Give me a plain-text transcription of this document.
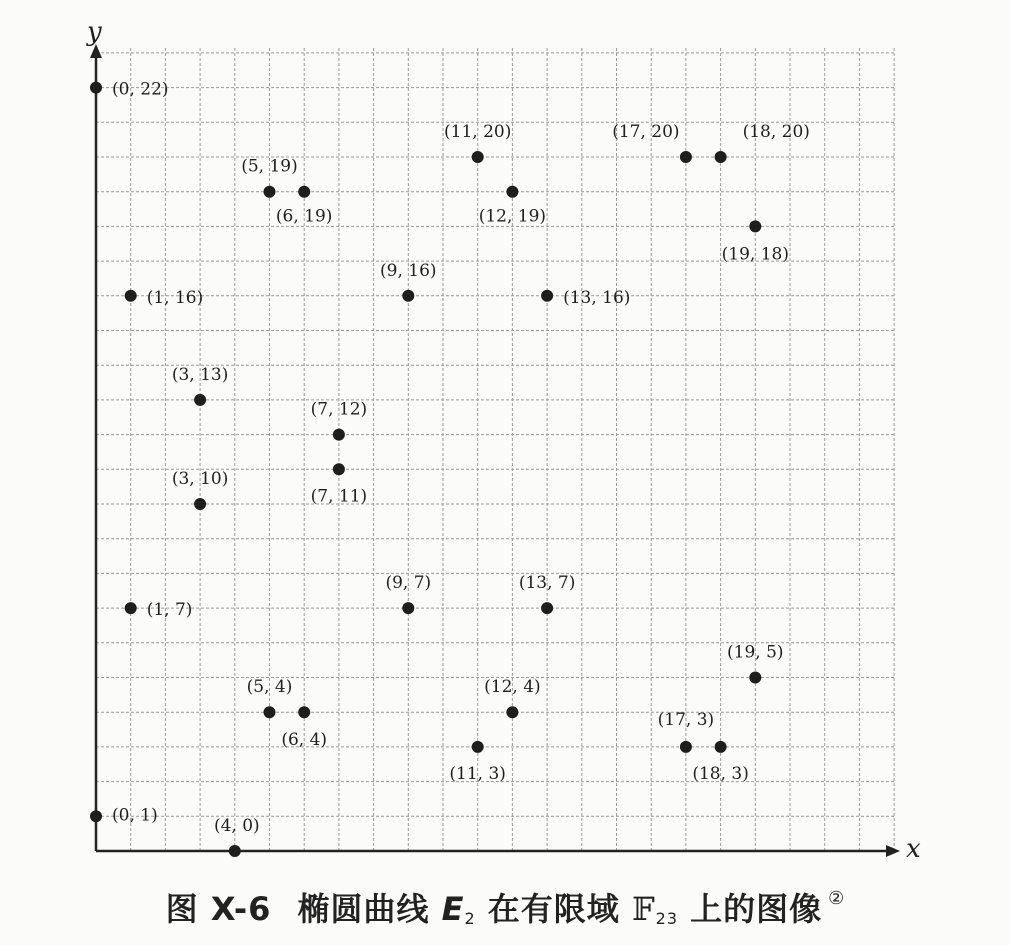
x
y
(0, 22)
(11, 20)	(17, 20)	(18, 20)
(5, 19)
(6, 19)	(12, 19)
(19, 18)
(1, 16)
(9, 16)
(13, 16)
(3, 13)
(7, 12)
(7, 11)
(3, 10)
(1, 7)
(9, 7)	(13, 7)
(19, 5)
(5, 4)
(6, 4)
(12, 4)
(17, 3)
(18, 3)
(11, 3)
(0, 1)
(4, 0)
图 X-6 椭圆曲线 $E_2$ 在有限域 𝔽$_{23}$ 上的图像 ②
